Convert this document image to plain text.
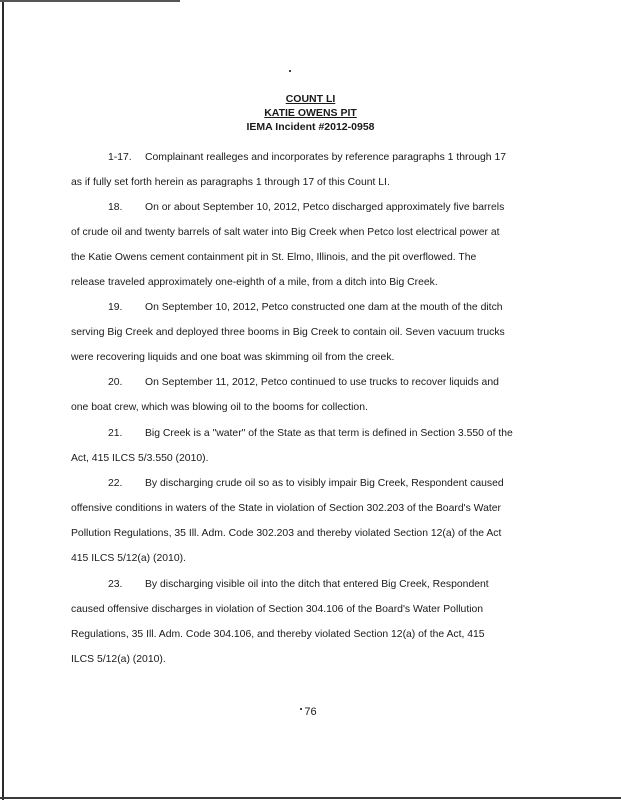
COUNT LI
KATIE OWENS PIT
IEMA Incident #2012-0958
1-17. Complainant realleges and incorporates by reference paragraphs 1 through 17
as if fully set forth herein as paragraphs 1 through 17 of this Count LI.
18. On or about September 10, 2012, Petco discharged approximately five barrels
of crude oil and twenty barrels of salt water into Big Creek when Petco lost electrical power at
the Katie Owens cement containment pit in St. Elmo, Illinois, and the pit overflowed. The
release traveled approximately one-eighth of a mile, from a ditch into Big Creek.
19. On September 10, 2012, Petco constructed one dam at the mouth of the ditch
serving Big Creek and deployed three booms in Big Creek to contain oil. Seven vacuum trucks
were recovering liquids and one boat was skimming oil from the creek.
20. On September 11, 2012, Petco continued to use trucks to recover liquids and
one boat crew, which was blowing oil to the booms for collection.
21. Big Creek is a "water" of the State as that term is defined in Section 3.550 of the
Act, 415 ILCS 5/3.550 (2010).
22. By discharging crude oil so as to visibly impair Big Creek, Respondent caused
offensive conditions in waters of the State in violation of Section 302.203 of the Board's Water
Pollution Regulations, 35 Ill. Adm. Code 302.203 and thereby violated Section 12(a) of the Act
415 ILCS 5/12(a) (2010).
23. By discharging visible oil into the ditch that entered Big Creek, Respondent
caused offensive discharges in violation of Section 304.106 of the Board's Water Pollution
Regulations, 35 Ill. Adm. Code 304.106, and thereby violated Section 12(a) of the Act, 415
ILCS 5/12(a) (2010).
76
